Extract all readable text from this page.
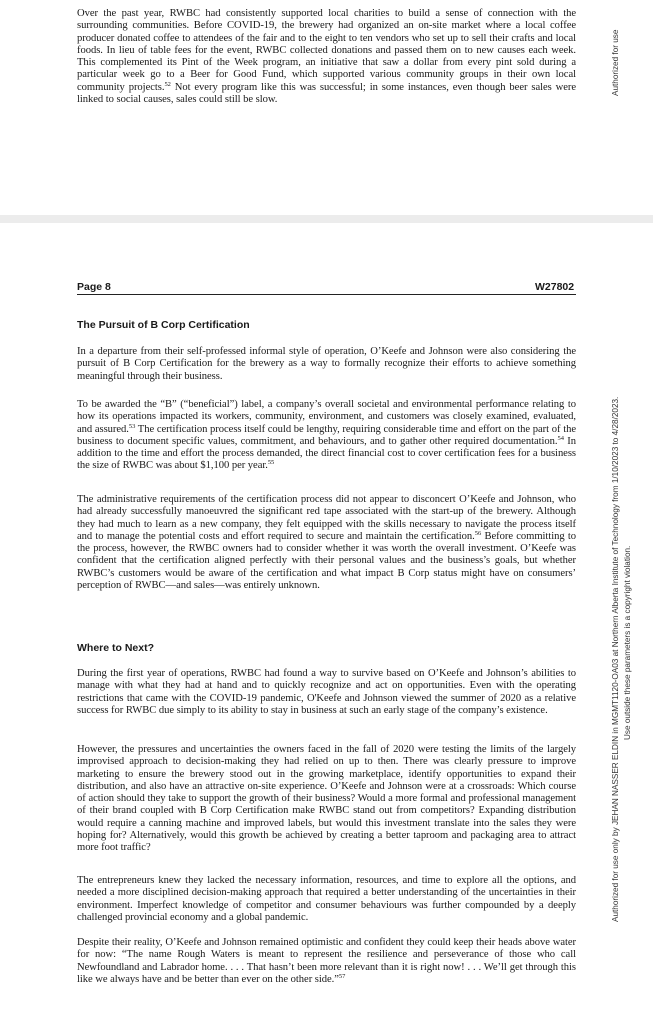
Over the past year, RWBC had consistently supported local charities to build a sense of connection with the surrounding communities. Before COVID-19, the brewery had organized an on-site market where a local coffee producer donated coffee to attendees of the fair and to the eight to ten vendors who set up to sell their crafts and local foods. In lieu of table fees for the event, RWBC collected donations and passed them on to new causes each week. This complemented its Pint of the Week program, an initiative that saw a dollar from every pint sold during a particular week go to a Beer for Good Fund, which supported various community groups in their own local community projects.$^{52}$ Not every program like this was successful; in some instances, even though beer sales were linked to social causes, sales could still be slow.

Authorized for use
Page 8	W27802
The Pursuit of B Corp Certification

In a departure from their self-professed informal style of operation, O’Keefe and Johnson were also considering the pursuit of B Corp Certification for the brewery as a way to formally recognize their efforts to achieve something meaningful through their business.

To be awarded the “B” (“beneficial”) label, a company’s overall societal and environmental performance relating to how its operations impacted its workers, community, environment, and customers was closely examined, evaluated, and assured.$^{53}$ The certification process itself could be lengthy, requiring considerable time and effort on the part of the business to document specific values, commitment, and behaviours, and to gather other required documentation.$^{54}$ In addition to the time and effort the process demanded, the direct financial cost to cover certification fees for a business the size of RWBC was about $1,100 per year.$^{55}$

The administrative requirements of the certification process did not appear to disconcert O’Keefe and Johnson, who had already successfully manoeuvred the significant red tape associated with the start-up of the brewery. Although they had much to learn as a new company, they felt equipped with the skills necessary to navigate the process itself and to manage the potential costs and effort required to secure and maintain the certification.$^{56}$ Before committing to the process, however, the RWBC owners had to consider whether it was worth the overall investment. O’Keefe was confident that the certification aligned perfectly with their personal values and the business’s goals, but whether RWBC’s customers would be aware of the certification and what impact B Corp status might have on consumers’ perception of RWBC—and sales—was entirely unknown.

Where to Next?

During the first year of operations, RWBC had found a way to survive based on O’Keefe and Johnson’s abilities to manage with what they had at hand and to quickly recognize and act on opportunities. Even with the operating restrictions that came with the COVID-19 pandemic, O'Keefe and Johnson viewed the summer of 2020 as a relative success for RWBC due simply to its ability to stay in business at such an early stage of the company’s existence.

However, the pressures and uncertainties the owners faced in the fall of 2020 were testing the limits of the largely improvised approach to decision-making they had relied on up to then. There was clearly pressure to improve marketing to ensure the brewery stood out in the growing marketplace, identify opportunities to expand their distribution, and also have an attractive on-site experience. O’Keefe and Johnson were at a crossroads: Which course of action should they take to support the growth of their business? Would a more formal and professional management of their brand coupled with B Corp Certification make RWBC stand out from competitors? Expanding distribution would require a canning machine and improved labels, but would this investment translate into the sales they were hoping for? Alternatively, would this growth be achieved by creating a better taproom and packaging area to attract more foot traffic?

The entrepreneurs knew they lacked the necessary information, resources, and time to explore all the options, and needed a more disciplined decision-making approach that required a better understanding of the uncertainties in their environment. Imperfect knowledge of competitor and consumer behaviours was further compounded by a deeply challenged provincial economy and a global pandemic.

Despite their reality, O’Keefe and Johnson remained optimistic and confident they could keep their heads above water for now: “The name Rough Waters is meant to represent the resilience and perseverance of those who call Newfoundland and Labrador home. . . . That hasn’t been more relevant than it is right now! . . . We’ll get through this like we always have and be better than ever on the other side.”$^{57}$

Authorized for use only by JEHAN NASSER ELDIN in MGMT1120-OA03 at Northern Alberta Institute of Technology from 1/10/2023 to 4/28/2023. Use outside these parameters is a copyright violation.
